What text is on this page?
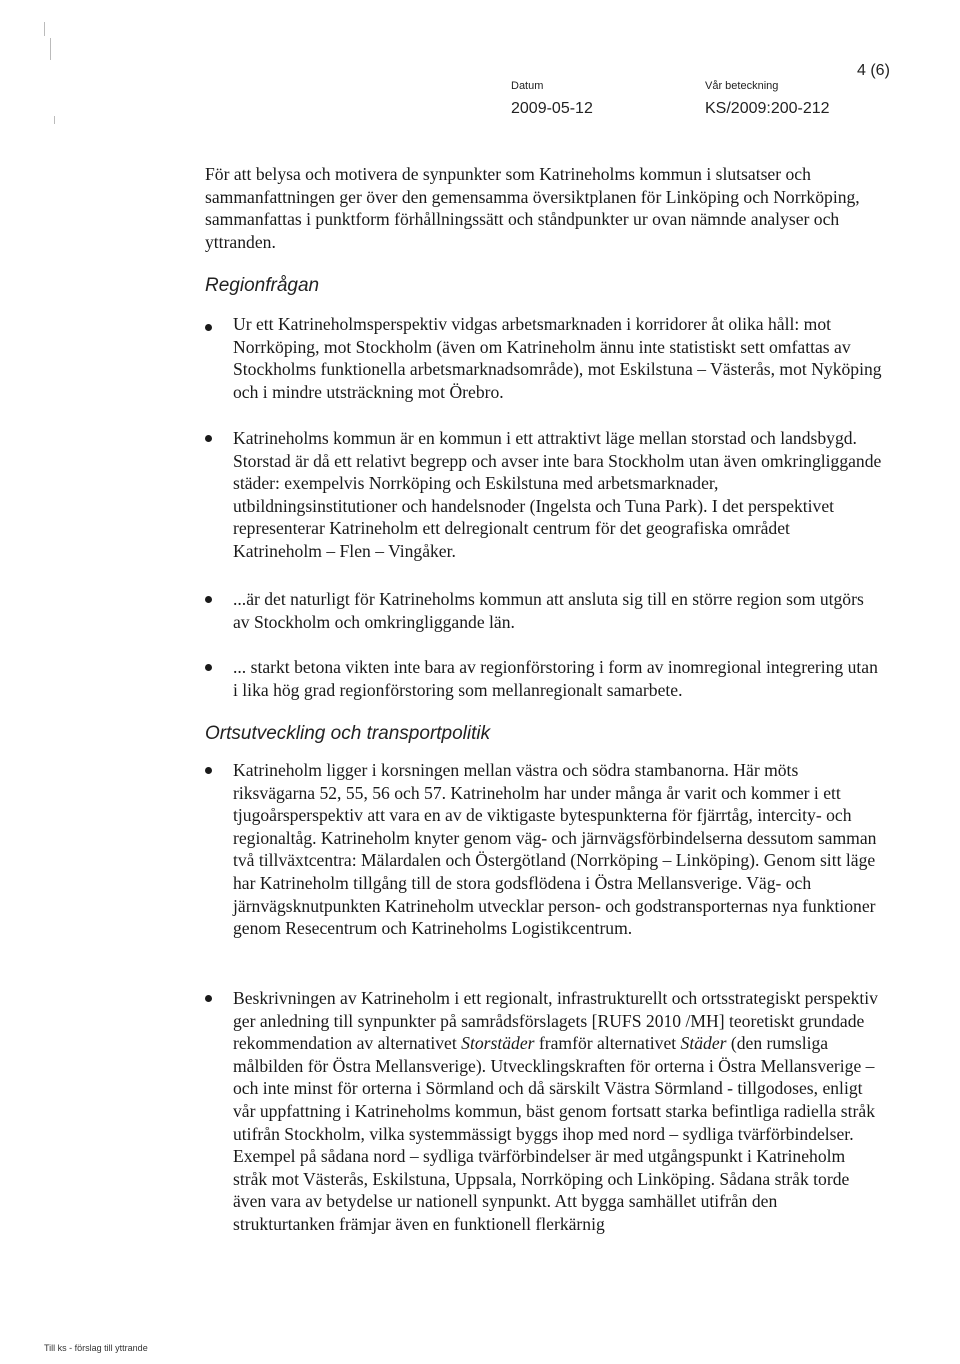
Datum
2009-05-12
Vår beteckning
KS/2009:200-212
4 (6)
För att belysa och motivera de synpunkter som Katrineholms kommun i slutsatser och sammanfattningen ger över den gemensamma översiktplanen för Linköping och Norrköping, sammanfattas i punktform förhållningssätt och ståndpunkter ur ovan nämnde analyser och yttranden.
Regionfrågan
Ur ett Katrineholmsperspektiv vidgas arbetsmarknaden i korridorer åt olika håll: mot Norrköping, mot Stockholm (även om Katrineholm ännu inte statistiskt sett omfattas av Stockholms funktionella arbetsmarknadsområde), mot Eskilstuna – Västerås, mot Nyköping och i mindre utsträckning mot Örebro.
Katrineholms kommun är en kommun i ett attraktivt läge mellan storstad och landsbygd. Storstad är då ett relativt begrepp och avser inte bara Stockholm utan även omkringliggande städer: exempelvis Norrköping och Eskilstuna med arbetsmarknader, utbildningsinstitutioner och handelsnoder (Ingelsta och Tuna Park). I det perspektivet representerar Katrineholm ett delregionalt centrum för det geografiska området Katrineholm – Flen – Vingåker.
...är det naturligt för Katrineholms kommun att ansluta sig till en större region som utgörs av Stockholm och omkringliggande län.
... starkt betona vikten inte bara av regionförstoring i form av inomregional integrering utan i lika hög grad regionförstoring som mellanregionalt samarbete.
Ortsutveckling och transportpolitik
Katrineholm ligger i korsningen mellan västra och södra stambanorna. Här möts riksvägarna 52, 55, 56 och 57. Katrineholm har under många år varit och kommer i ett tjugoårsperspektiv att vara en av de viktigaste bytespunkterna för fjärrtåg, intercity- och regionaltåg. Katrineholm knyter genom väg- och järnvägsförbindelserna dessutom samman två tillväxtcentra: Mälardalen och Östergötland (Norrköping – Linköping). Genom sitt läge har Katrineholm tillgång till de stora godsflödena i Östra Mellansverige. Väg- och järnvägsknutpunkten Katrineholm utvecklar person- och godstransporternas nya funktioner genom Resecentrum och Katrineholms Logistikcentrum.
Beskrivningen av Katrineholm i ett regionalt, infrastrukturellt och ortsstrategiskt perspektiv ger anledning till synpunkter på samrådsförslagets [RUFS 2010 /MH] teoretiskt grundade rekommendation av alternativet Storstäder framför alternativet Städer (den rumsliga målbilden för Östra Mellansverige). Utvecklingskraften för orterna i Östra Mellansverige – och inte minst för orterna i Sörmland och då särskilt Västra Sörmland - tillgodoses, enligt vår uppfattning i Katrineholms kommun, bäst genom fortsatt starka befintliga radiella stråk utifrån Stockholm, vilka systemmässigt byggs ihop med nord – sydliga tvärförbindelser. Exempel på sådana nord – sydliga tvärförbindelser är med utgångspunkt i Katrineholm stråk mot Västerås, Eskilstuna, Uppsala, Norrköping och Linköping. Sådana stråk torde även vara av betydelse ur nationell synpunkt. Att bygga samhället utifrån den strukturtanken främjar även en funktionell flerkärnig
Till ks - förslag till yttrande
